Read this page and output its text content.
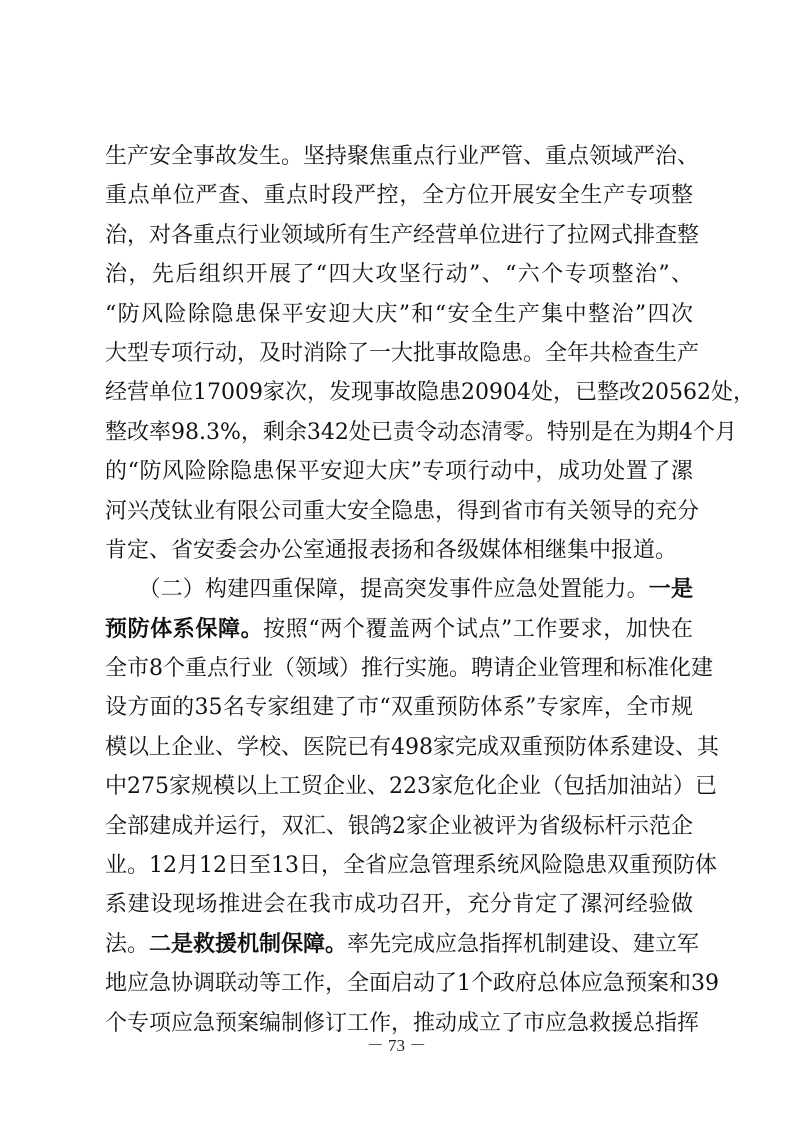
生产安全事故发生。坚持聚焦重点行业严管、重点领域严治、
重点单位严查、重点时段严控，全方位开展安全生产专项整
治，对各重点行业领域所有生产经营单位进行了拉网式排查整
治，先后组织开展了“四大攻坚行动”、“六个专项整治”、
“防风险除隐患保平安迎大庆”和“安全生产集中整治”四次
大型专项行动，及时消除了一大批事故隐患。全年共检查生产
经营单位17009家次，发现事故隐患20904处，已整改20562处，
整改率98.3%，剩余342处已责令动态清零。特别是在为期4个月
的“防风险除隐患保平安迎大庆”专项行动中，成功处置了漯
河兴茂钛业有限公司重大安全隐患，得到省市有关领导的充分
肯定、省安委会办公室通报表扬和各级媒体相继集中报道。
　　（二）构建四重保障，提高突发事件应急处置能力。一是
预防体系保障。按照“两个覆盖两个试点”工作要求，加快在
全市8个重点行业（领域）推行实施。聘请企业管理和标准化建
设方面的35名专家组建了市“双重预防体系”专家库，全市规
模以上企业、学校、医院已有498家完成双重预防体系建设、其
中275家规模以上工贸企业、223家危化企业（包括加油站）已
全部建成并运行，双汇、银鸽2家企业被评为省级标杆示范企
业。12月12日至13日，全省应急管理系统风险隐患双重预防体
系建设现场推进会在我市成功召开，充分肯定了漯河经验做
法。二是救援机制保障。率先完成应急指挥机制建设、建立军
地应急协调联动等工作，全面启动了1个政府总体应急预案和39
个专项应急预案编制修订工作，推动成立了市应急救援总指挥
－ 73 －
